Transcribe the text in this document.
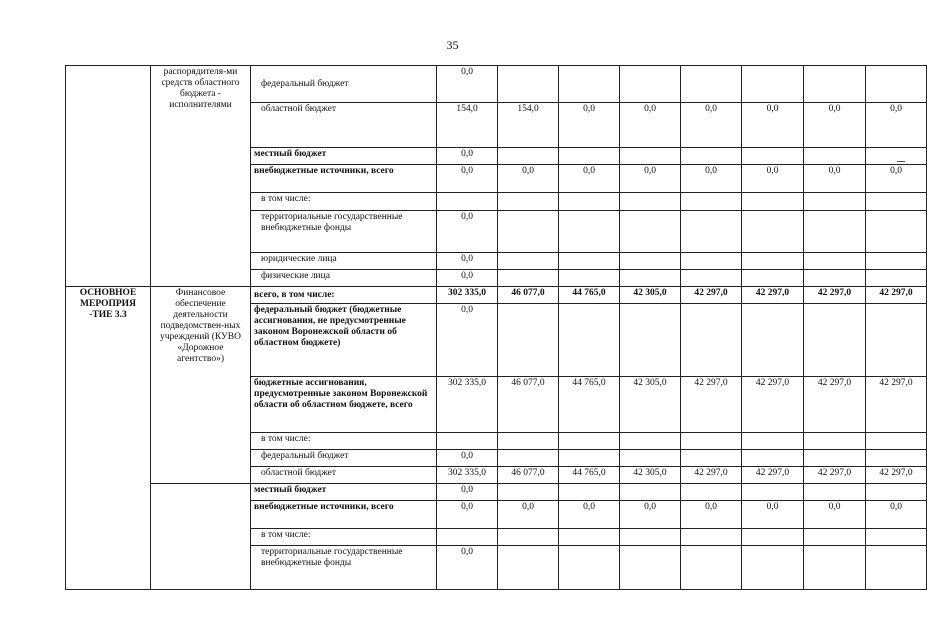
35
	распорядителя-ми средств областного бюджета - исполнителями	федеральный бюджет	0,0							
		областной бюджет	154,0	154,0	0,0	0,0	0,0	0,0	0,0	0,0
		местный бюджет	0,0							
		внебюджетные источники, всего	0,0	0,0	0,0	0,0	0,0	0,0	0,0	0,0
		в том числе:								
		территориальные государственные внебюджетные фонды	0,0							
		юридические лица	0,0							
		физические лица	0,0							
ОСНОВНОЕ МЕРОПРИЯ -ТИЕ 3.3	Финансовое обеспечение деятельности подведомствен-ных учреждений (КУВО «Дорожное агентство»)	всего, в том числе:	302 335,0	46 077,0	44 765,0	42 305,0	42 297,0	42 297,0	42 297,0	42 297,0
		федеральный бюджет (бюджетные ассигнования, не предусмотренные законом Воронежской области об областном бюджете)	0,0							
		бюджетные ассигнования, предусмотренные законом Воронежской области об областном бюджете, всего	302 335,0	46 077,0	44 765,0	42 305,0	42 297,0	42 297,0	42 297,0	42 297,0
		в том числе:								
		федеральный бюджет	0,0							
		областной бюджет	302 335,0	46 077,0	44 765,0	42 305,0	42 297,0	42 297,0	42 297,0	42 297,0
		местный бюджет	0,0							
		внебюджетные источники, всего	0,0	0,0	0,0	0,0	0,0	0,0	0,0	0,0
		в том числе:								
		территориальные государственные внебюджетные фонды	0,0							
